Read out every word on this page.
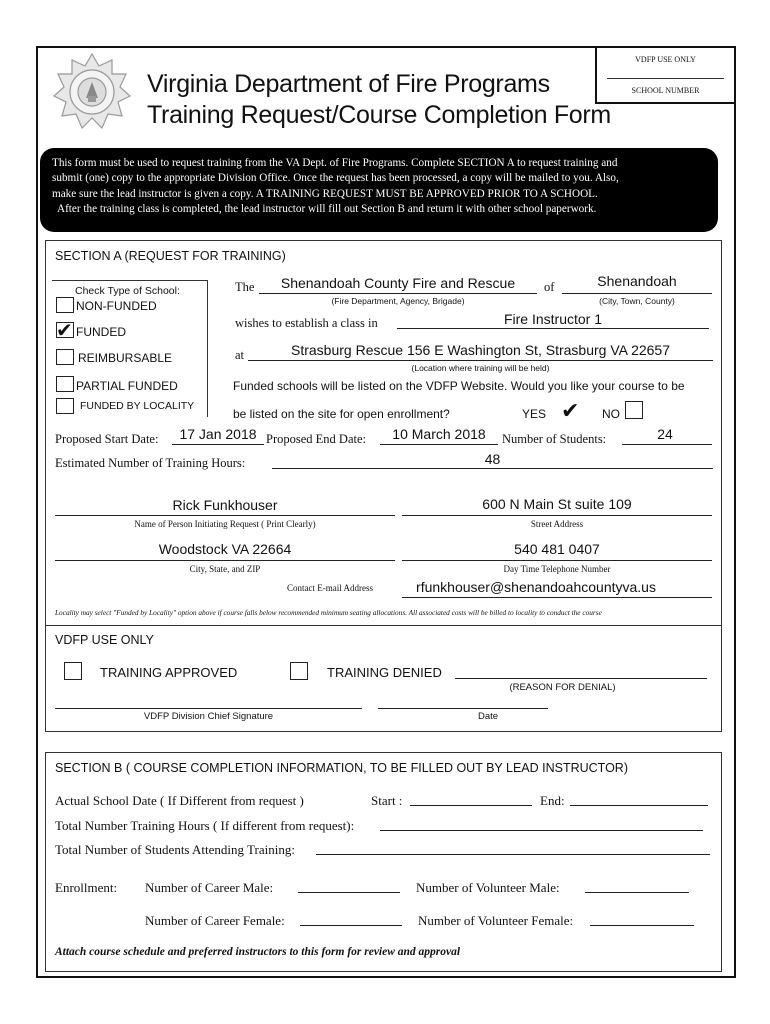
VDFP USE ONLY
SCHOOL NUMBER
Virginia Department of Fire Programs
Training Request/Course Completion Form

This form must be used to request training from the VA Dept. of Fire Programs. Complete SECTION A to request training and

submit (one) copy to the appropriate Division Office. Once the request has been processed, a copy will be mailed to you. Also,

make sure the lead instructor is given a copy. A TRAINING REQUEST MUST BE APPROVED PRIOR TO A SCHOOL.

After the training class is completed, the lead instructor will fill out Section B and return it with other school paperwork.

SECTION A (REQUEST FOR TRAINING)
Check Type of School:
NON-FUNDED
✔ FUNDED
REIMBURSABLE
PARTIAL FUNDED
FUNDED BY LOCALITY
The	Shenandoah County Fire and Rescue
(Fire Department, Agency, Brigade)
of	Shenandoah
(City, Town, County)
wishes to establish a class in	Fire Instructor 1
at	Strasburg Rescue 156 E Washington St, Strasburg VA 22657
(Location where training will be held)
Funded schools will be listed on the VDFP Website. Would you like your course to be
be listed on the site for open enrollment?	YES ✔ NO
Proposed Start Date:	17 Jan 2018 Proposed End Date:	10 March 2018	Number of Students:	24
Estimated Number of Training Hours:	48
Rick Funkhouser
Name of Person Initiating Request ( Print Clearly)
600 N Main St suite 109
Street Address
Woodstock VA 22664
City, State, and ZIP
540 481 0407
Day Time Telephone Number
Contact E-mail Address	rfunkhouser@shenandoahcountyva.us
Locality may select "Funded by Locality" option above if course falls below recommended minimum seating allocations. All associated costs will be billed to locality to conduct the course
VDFP USE ONLY
TRAINING APPROVED	TRAINING DENIED
(REASON FOR DENIAL)
VDFP Division Chief Signature	Date
SECTION B ( COURSE COMPLETION INFORMATION, TO BE FILLED OUT BY LEAD INSTRUCTOR)
Actual School Date ( If Different from request )	Start :	End:
Total Number Training Hours ( If different from request):
Total Number of Students Attending Training:
Enrollment: Number of Career Male:	Number of Volunteer Male:
Number of Career Female:	Number of Volunteer Female:
Attach course schedule and preferred instructors to this form for review and approval
